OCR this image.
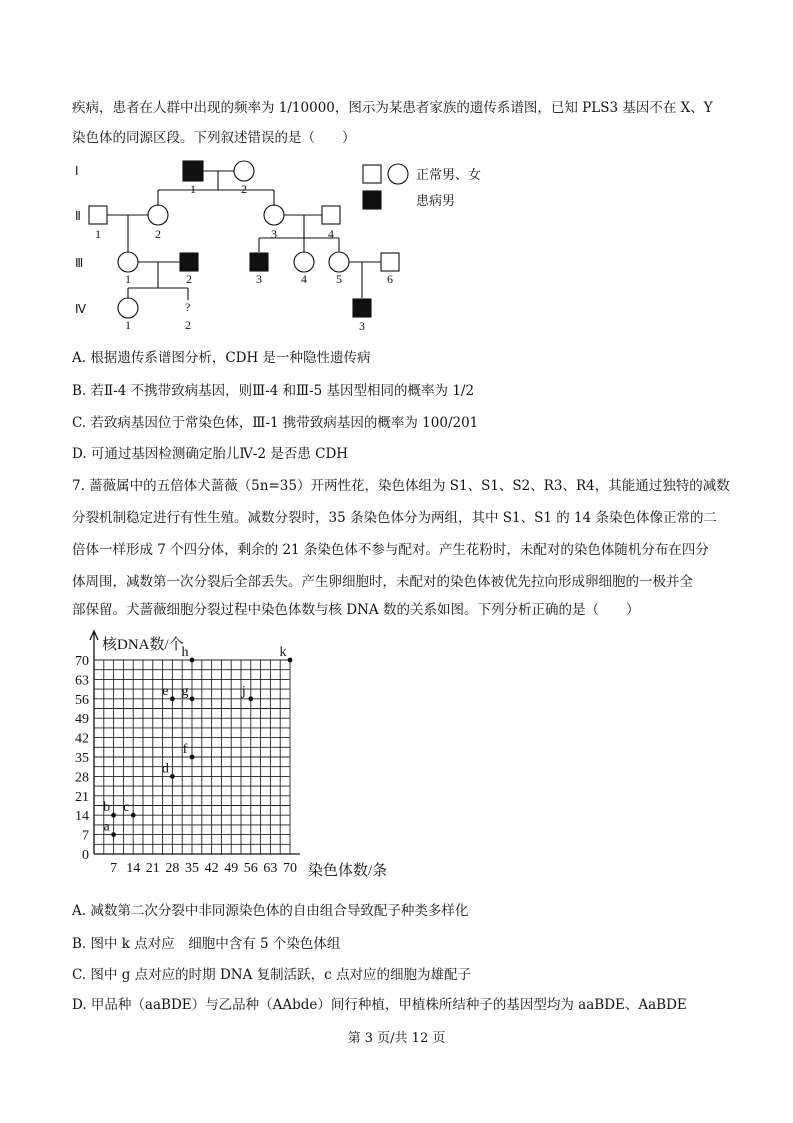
疾病，患者在人群中出现的频率为 1/10000，图示为某患者家族的遗传系谱图，已知 PLS3 基因不在 X、Y
染色体的同源区段。下列叙述错误的是（　　）
Ⅰ
Ⅱ
Ⅲ
Ⅳ
1	2
1	2	3	4
1	2	3	4 5	6
?
1	2	3
正常男、女
患病男
A. 根据遗传系谱图分析，CDH 是一种隐性遗传病
B. 若Ⅱ-4 不携带致病基因，则Ⅲ-4 和Ⅲ-5 基因型相同的概率为 1/2
C. 若致病基因位于常染色体，Ⅲ-1 携带致病基因的概率为 100/201
D. 可通过基因检测确定胎儿Ⅳ-2 是否患 CDH
7. 蔷薇属中的五倍体犬蔷薇（5n=35）开两性花，染色体组为 S1、S1、S2、R3、R4，其能通过独特的减数
分裂机制稳定进行有性生殖。减数分裂时，35 条染色体分为两组，其中 S1、S1 的 14 条染色体像正常的二
倍体一样形成 7 个四分体，剩余的 21 条染色体不参与配对。产生花粉时，未配对的染色体随机分布在四分
体周围，减数第一次分裂后全部丢失。产生卵细胞时，未配对的染色体被优先拉向形成卵细胞的一极并全
部保留。犬蔷薇细胞分裂过程中染色体数与核 DNA 数的关系如图。下列分析正确的是（　　）
7 14 21 28 35 42 49 56 63 70
0
7
14
21
28
35
42
49
56
63
70
a
b c
d
e
f
g
h
j
k
核DNA数/个
染色体数/条
A. 减数第二次分裂中非同源染色体的自由组合导致配子种类多样化
B. 图中 k 点对应　细胞中含有 5 个染色体组
C. 图中 g 点对应的时期 DNA 复制活跃，c 点对应的细胞为雄配子
D. 甲品种（aaBDE）与乙品种（AAbde）间行种植，甲植株所结种子的基因型均为 aaBDE、AaBDE
第 3 页/共 12 页
